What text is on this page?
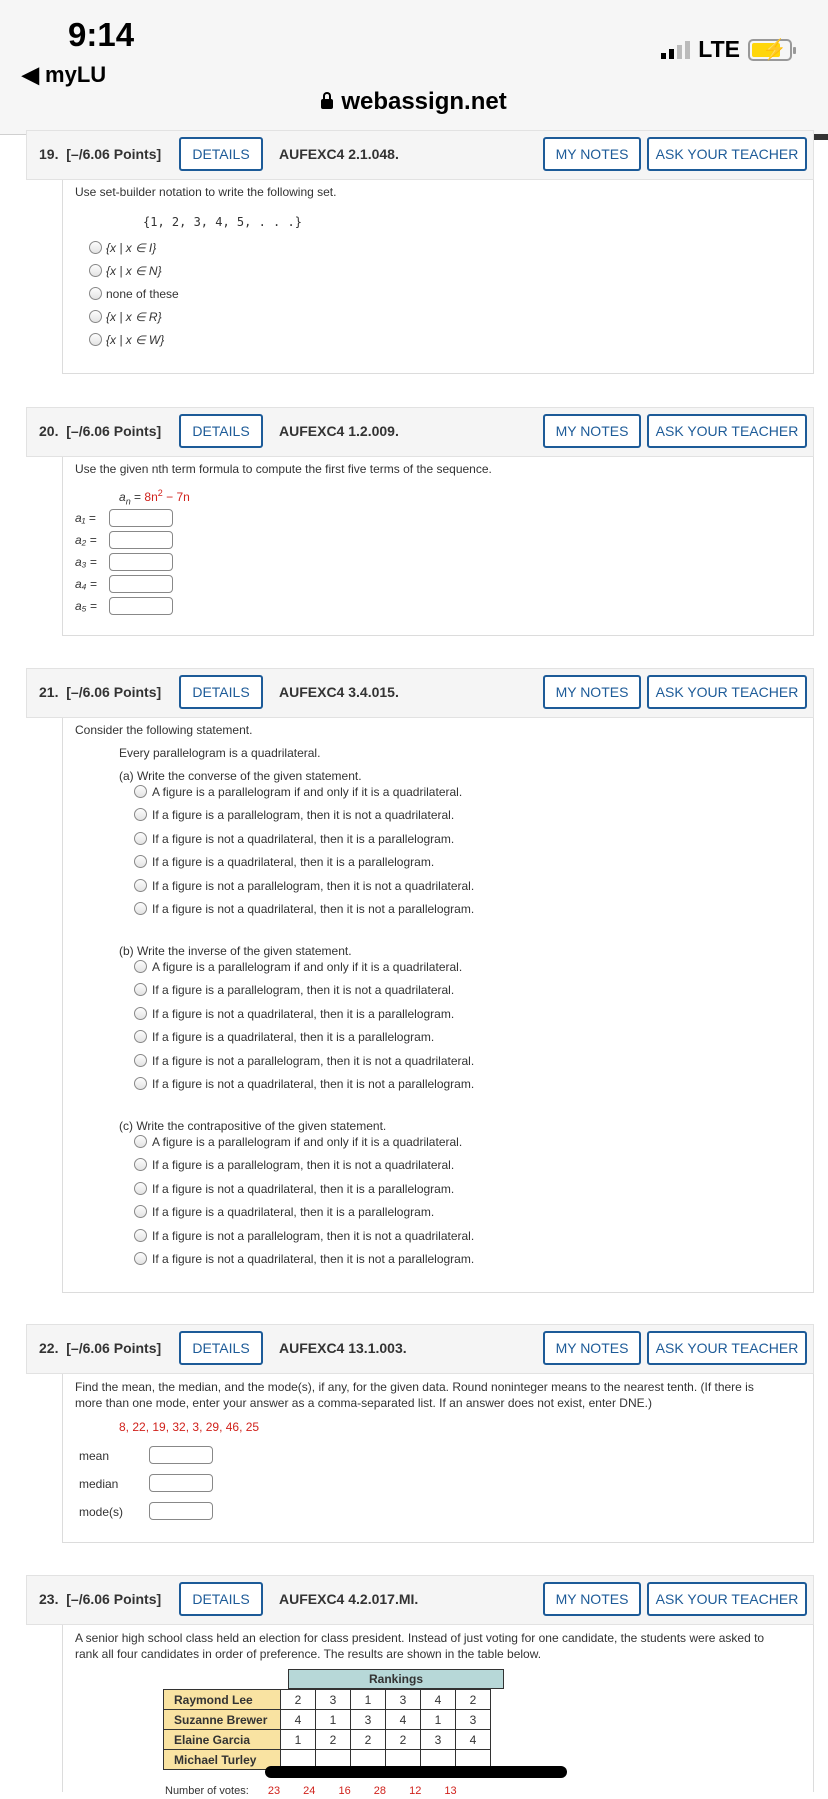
9:14
◀ myLU
LTE ⚡
webassign.net
19. [–/6.06 Points]	DETAILS	AUFEXC4 2.1.048.	MY NOTES	ASK YOUR TEACHER
Use set-builder notation to write the following set.
{1, 2, 3, 4, 5, . . .}
{x | x ∈ I}
{x | x ∈ N}
none of these
{x | x ∈ R}
{x | x ∈ W}
20. [–/6.06 Points]	DETAILS	AUFEXC4 1.2.009.	MY NOTES	ASK YOUR TEACHER
Use the given nth term formula to compute the first five terms of the sequence.
$a_n = 8n^2 - 7n$
a₁ =
a₂ =
a₃ =
a₄ =
a₅ =
21. [–/6.06 Points]	DETAILS	AUFEXC4 3.4.015.	MY NOTES	ASK YOUR TEACHER
Consider the following statement.
Every parallelogram is a quadrilateral.
(a) Write the converse of the given statement.
A figure is a parallelogram if and only if it is a quadrilateral.
If a figure is a parallelogram, then it is not a quadrilateral.
If a figure is not a quadrilateral, then it is a parallelogram.
If a figure is a quadrilateral, then it is a parallelogram.
If a figure is not a parallelogram, then it is not a quadrilateral.
If a figure is not a quadrilateral, then it is not a parallelogram.
(b) Write the inverse of the given statement.
A figure is a parallelogram if and only if it is a quadrilateral.
If a figure is a parallelogram, then it is not a quadrilateral.
If a figure is not a quadrilateral, then it is a parallelogram.
If a figure is a quadrilateral, then it is a parallelogram.
If a figure is not a parallelogram, then it is not a quadrilateral.
If a figure is not a quadrilateral, then it is not a parallelogram.
(c) Write the contrapositive of the given statement.
A figure is a parallelogram if and only if it is a quadrilateral.
If a figure is a parallelogram, then it is not a quadrilateral.
If a figure is not a quadrilateral, then it is a parallelogram.
If a figure is a quadrilateral, then it is a parallelogram.
If a figure is not a parallelogram, then it is not a quadrilateral.
If a figure is not a quadrilateral, then it is not a parallelogram.
22. [–/6.06 Points]	DETAILS	AUFEXC4 13.1.003.	MY NOTES	ASK YOUR TEACHER
Find the mean, the median, and the mode(s), if any, for the given data. Round noninteger means to the nearest tenth. (If there is
more than one mode, enter your answer as a comma-separated list. If an answer does not exist, enter DNE.)
8, 22, 19, 32, 3, 29, 46, 25
mean
median
mode(s)
23. [–/6.06 Points]	DETAILS	AUFEXC4 4.2.017.MI.	MY NOTES	ASK YOUR TEACHER
A senior high school class held an election for class president. Instead of just voting for one candidate, the students were asked to
rank all four candidates in order of preference. The results are shown in the table below.
Rankings
Raymond Lee	2	3	1	3	4	2
Suzanne Brewer	4	1	3	4	1	3
Elaine Garcia	1	2	2	2	3	4
Michael Turley						
Number of votes: 23 24 16 28 12 13
